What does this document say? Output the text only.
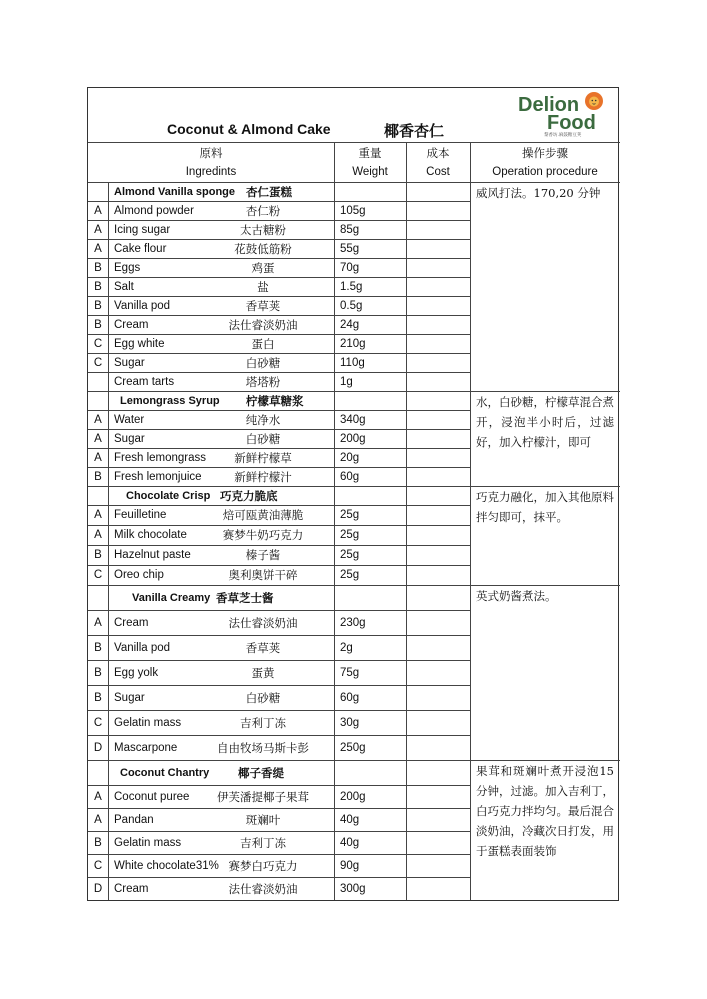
Coconut & Almond Cake	椰香杏仁
Delion
Food
黎香坊.麻鼓糖豆荚
原料
Ingredints
重量
Weight
成本
Cost
操作步骤
Operation procedure
Almond Vanilla sponge 杏仁蛋糕	威风打法。170,20 分钟
A	Almond powder	杏仁粉	105g
A	Icing sugar	太古糖粉	85g
A	Cake flour	花鼓低筋粉	55g
B	Eggs	鸡蛋	70g
B	Salt	盐	1.5g
B	Vanilla pod	香草荚	0.5g
B	Cream	法仕睿淡奶油	24g
C	Egg white	蛋白	210g
C	Sugar	白砂糖	110g
Cream tarts	塔塔粉	1g
Lemongrass Syrup 柠檬草糖浆	水，白砂糖，柠檬草混合煮开，浸泡半小时后，过滤好，加入柠檬汁，即可
A	Water	纯净水	340g
A	Sugar	白砂糖	200g
A	Fresh lemongrass	新鲜柠檬草	20g
B	Fresh lemonjuice	新鲜柠檬汁	60g
Chocolate Crisp 巧克力脆底	巧克力融化，加入其他原料拌匀即可，抹平。
A	Feuilletine	焙可瓯黄油薄脆	25g
A	Milk chocolate	赛梦牛奶巧克力	25g
B	Hazelnut paste	榛子酱	25g
C	Oreo chip	奥利奥饼干碎	25g
Vanilla Creamy 香草芝士酱	英式奶酱煮法。
A	Cream	法仕睿淡奶油	230g
B	Vanilla pod	香草荚	2g
B	Egg yolk	蛋黄	75g
B	Sugar	白砂糖	60g
C	Gelatin mass	吉利丁冻	30g
D	Mascarpone	自由牧场马斯卡彭	250g
Coconut Chantry	椰子香缇	果茸和斑斓叶煮开浸泡15分钟，过滤。加入吉利丁，白巧克力拌均匀。最后混合淡奶油，冷藏次日打发，用于蛋糕表面装饰
A	Coconut puree	伊芙潘提椰子果茸	200g
A	Pandan	斑斓叶	40g
B	Gelatin mass	吉利丁冻	40g
C	White chocolate31% 赛梦白巧克力	90g
D	Cream	法仕睿淡奶油	300g
